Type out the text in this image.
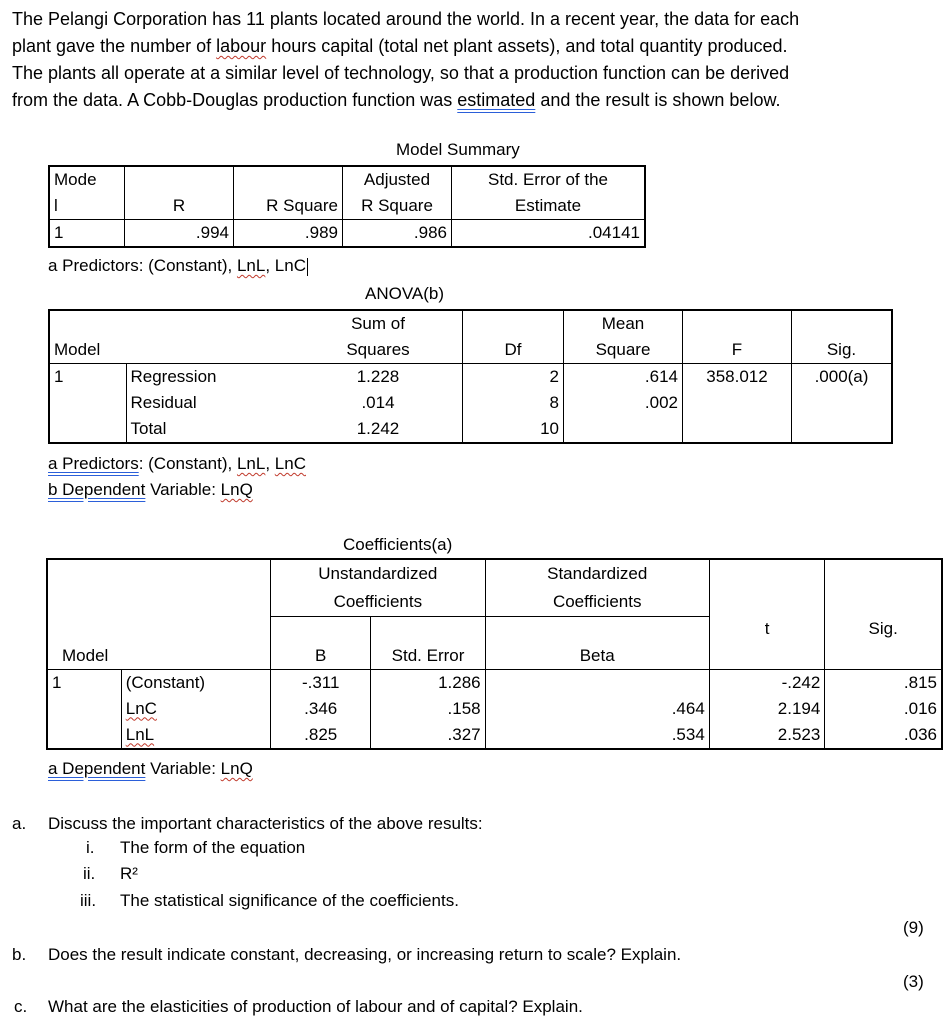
The Pelangi Corporation has 11 plants located around the world. In a recent year, the data for each

plant gave the number of labour hours capital (total net plant assets), and total quantity produced.

The plants all operate at a similar level of technology, so that a production function can be derived

from the data. A Cobb-Douglas production function was estimated and the result is shown below.

Model Summary
Mode			Adjusted	Std. Error of the
l	R	R Square	R Square	Estimate
1	.994	.989	.986	.04141
a Predictors: (Constant), LnL, LnC
ANOVA(b)
		Sum of		Mean		
Model		Squares	Df	Square	F	Sig.
1	Regression	1.228	2	.614	358.012	.000(a)
	Residual	.014	8	.002		
	Total	1.242	10			
a Predictors: (Constant), LnL, LnC
b Dependent Variable: LnQ
Coefficients(a)
		Unstandardized		Standardized		
		Coefficients		Coefficients		
					t	Sig.
Model		B	Std. Error	Beta		
1	(Constant)	-.311	1.286		-.242	.815
	LnC	.346	.158	.464	2.194	.016
	LnL	.825	.327	.534	2.523	.036
a Dependent Variable: LnQ
a. Discuss the important characteristics of the above results:
i. The form of the equation
ii. R²
iii. The statistical significance of the coefficients.
(9)
b. Does the result indicate constant, decreasing, or increasing return to scale? Explain.
(3)
c. What are the elasticities of production of labour and of capital? Explain.
